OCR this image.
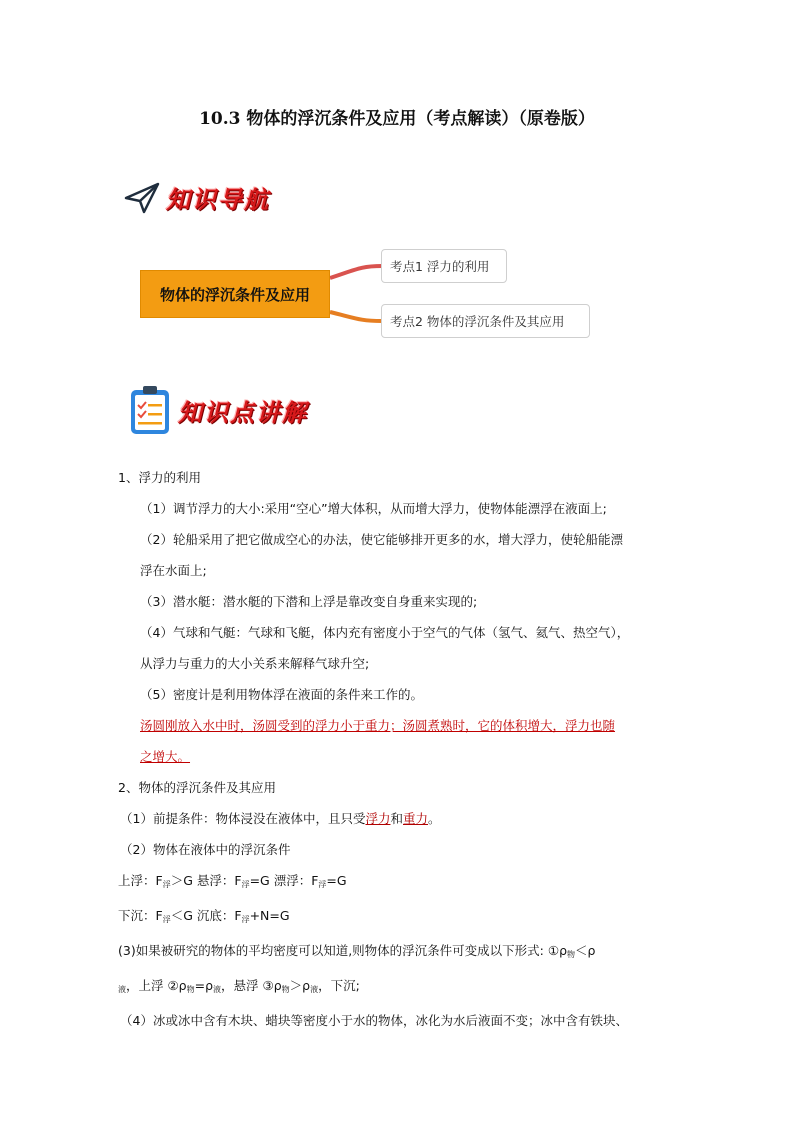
10.3 物体的浮沉条件及应用（考点解读）（原卷版）
知识导航
物体的浮沉条件及应用
考点1 浮力的利用
考点2 物体的浮沉条件及其应用
知识点讲解
1、浮力的利用
（1）调节浮力的大小:采用“空心”增大体积，从而增大浮力，使物体能漂浮在液面上;
（2）轮船采用了把它做成空心的办法，使它能够排开更多的水，增大浮力，使轮船能漂
浮在水面上;
（3）潜水艇：潜水艇的下潜和上浮是靠改变自身重来实现的;
（4）气球和气艇：气球和飞艇，体内充有密度小于空气的气体（氢气、氦气、热空气），
从浮力与重力的大小关系来解释气球升空;
（5）密度计是利用物体浮在液面的条件来工作的。
汤圆刚放入水中时，汤圆受到的浮力小于重力；汤圆煮熟时，它的体积增大，浮力也随
之增大。
2、物体的浮沉条件及其应用
（1）前提条件：物体浸没在液体中，且只受浮力和重力。
（2）物体在液体中的浮沉条件
上浮：$F_浮>G$ 悬浮：$F_浮=G$ 漂浮：$F_浮=G$
下沉：$F_浮<G$ 沉底：$F_浮+N=G$
(3)如果被研究的物体的平均密度可以知道,则物体的浮沉条件可变成以下形式: $①\rho_物<\rho$
$_液$，上浮 $②\rho_物=\rho_液$，悬浮 $③\rho_物>\rho_液$，下沉;
（4）冰或冰中含有木块、蜡块等密度小于水的物体，冰化为水后液面不变；冰中含有铁块、
